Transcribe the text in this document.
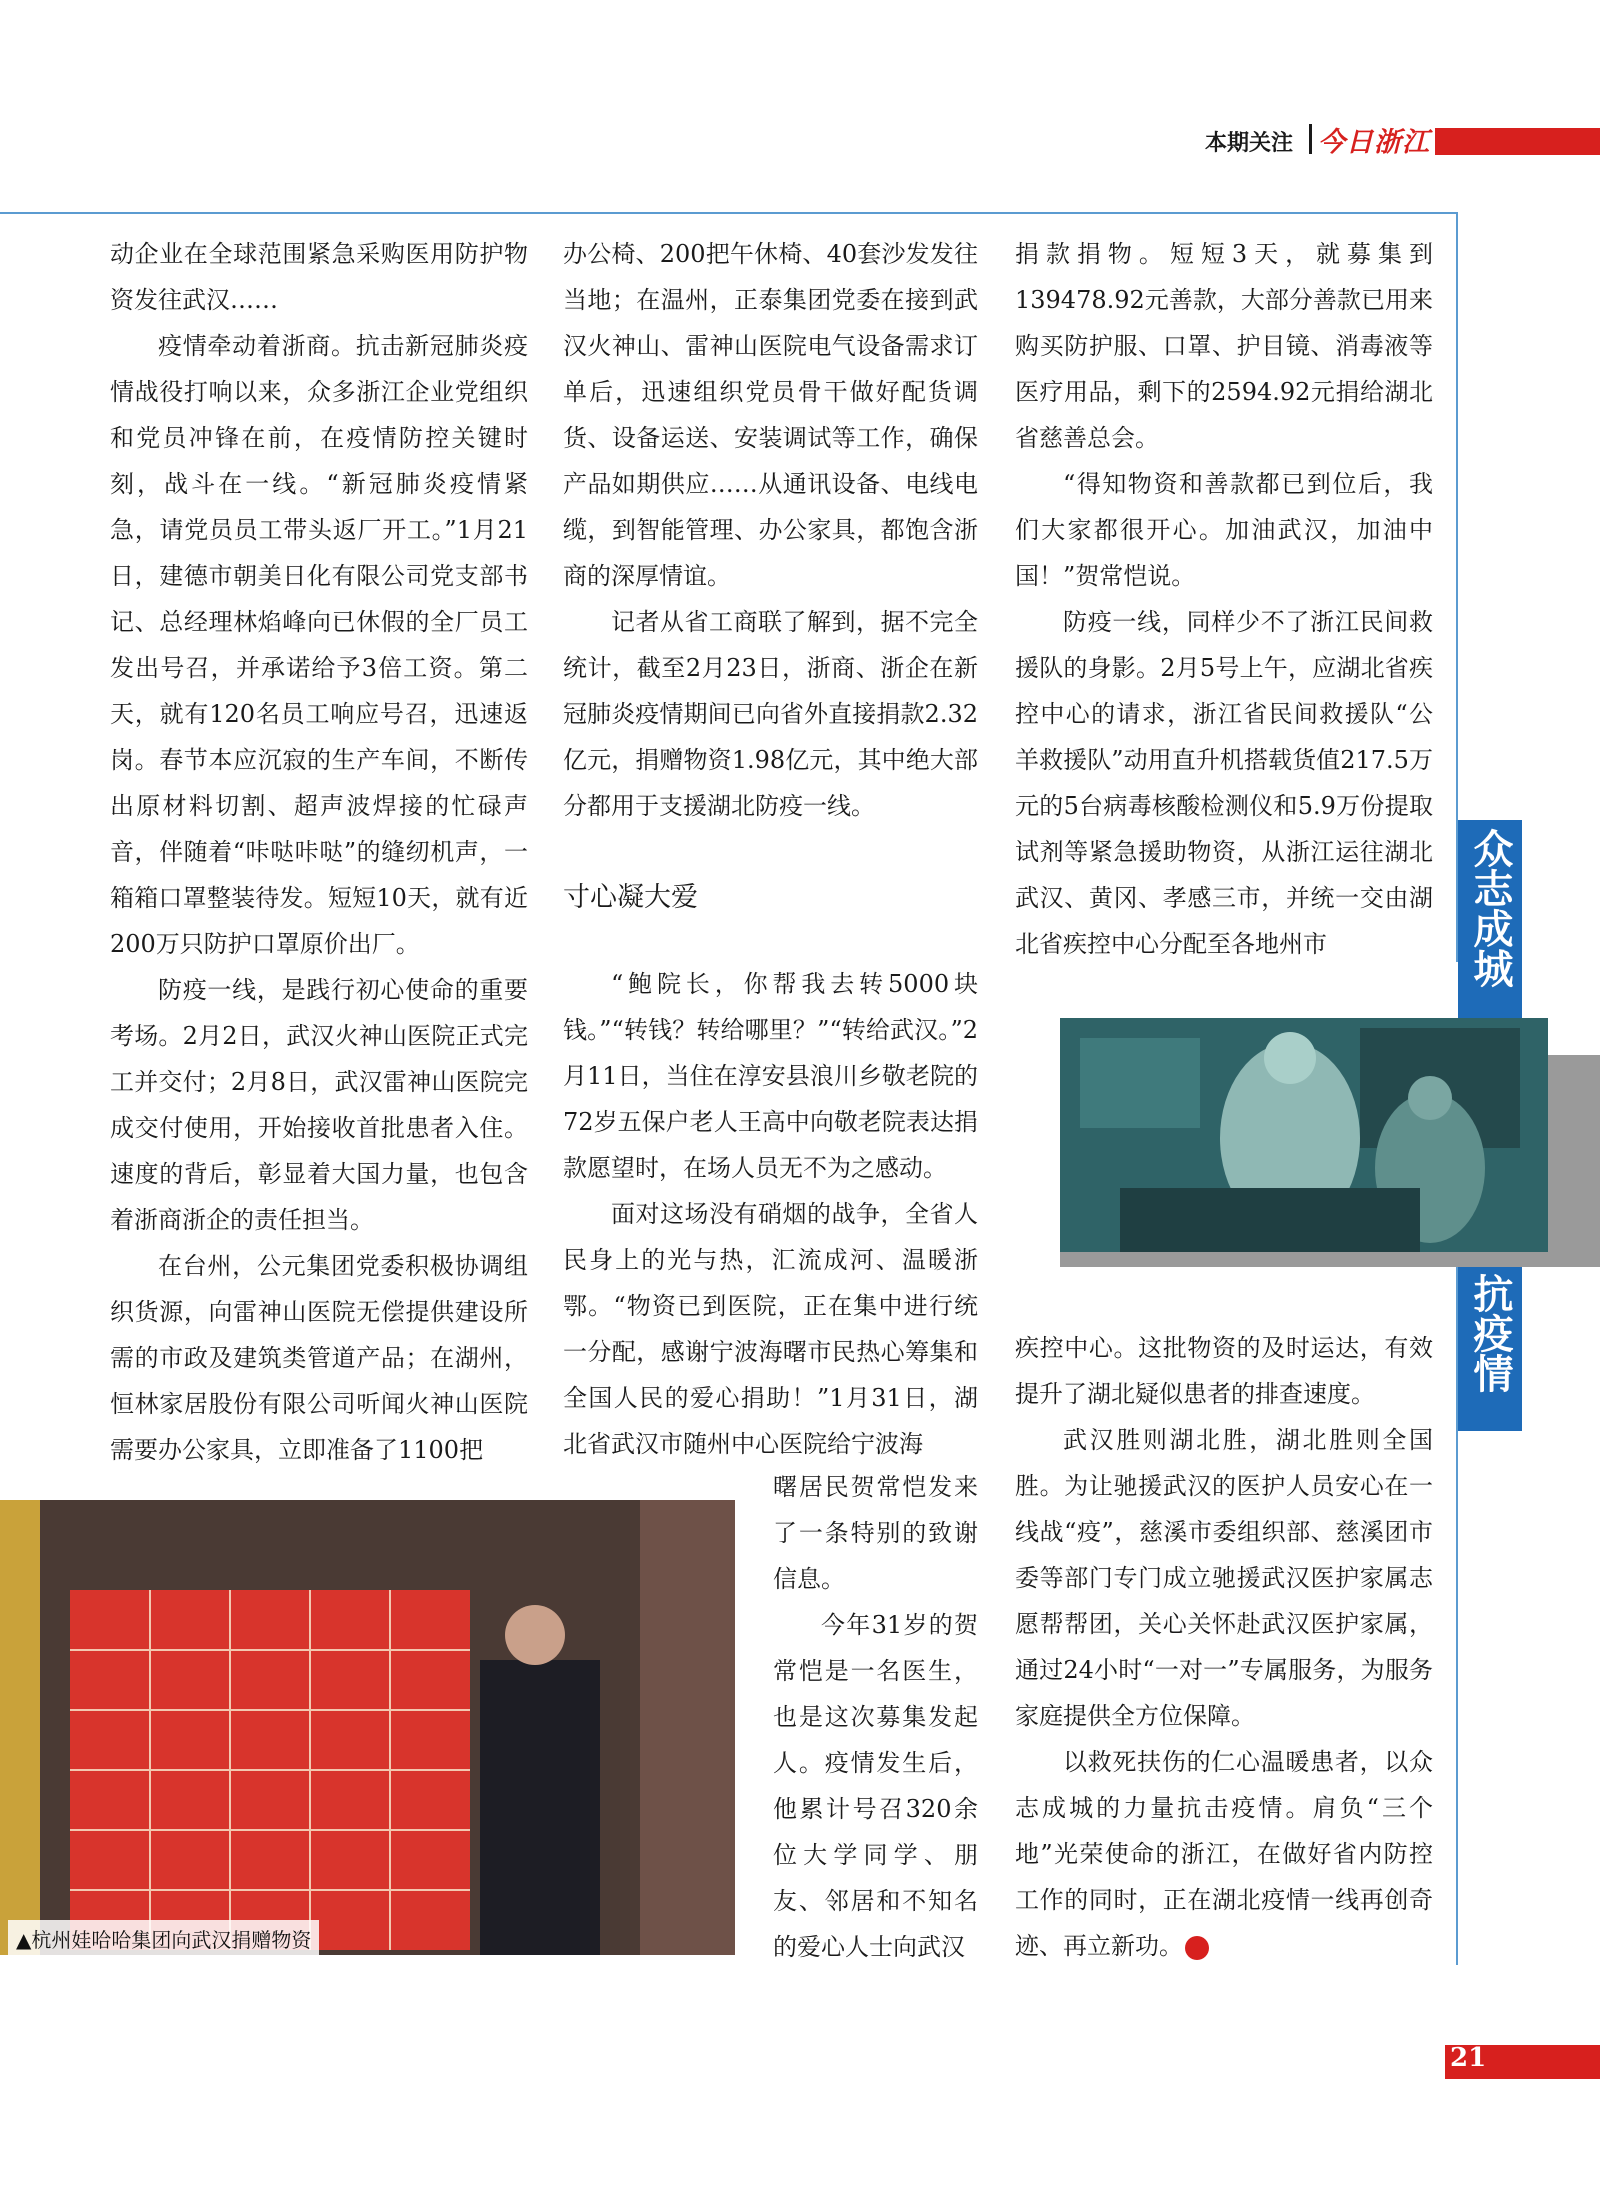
本期关注 今日浙江

动企业在全球范围紧急采购医用防护物资发往武汉……

疫情牵动着浙商。抗击新冠肺炎疫情战役打响以来，众多浙江企业党组织和党员冲锋在前，在疫情防控关键时刻，战斗在一线。“新冠肺炎疫情紧急，请党员员工带头返厂开工。”1月21日，建德市朝美日化有限公司党支部书记、总经理林焰峰向已休假的全厂员工发出号召，并承诺给予3倍工资。第二天，就有120名员工响应号召，迅速返岗。春节本应沉寂的生产车间，不断传出原材料切割、超声波焊接的忙碌声音，伴随着“咔哒咔哒”的缝纫机声，一箱箱口罩整装待发。短短10天，就有近200万只防护口罩原价出厂。

防疫一线，是践行初心使命的重要考场。2月2日，武汉火神山医院正式完工并交付；2月8日，武汉雷神山医院完成交付使用，开始接收首批患者入住。速度的背后，彰显着大国力量，也包含着浙商浙企的责任担当。

在台州，公元集团党委积极协调组织货源，向雷神山医院无偿提供建设所需的市政及建筑类管道产品；在湖州，恒林家居股份有限公司听闻火神山医院需要办公家具，立即准备了1100把

办公椅、200把午休椅、40套沙发发往当地；在温州，正泰集团党委在接到武汉火神山、雷神山医院电气设备需求订单后，迅速组织党员骨干做好配货调货、设备运送、安装调试等工作，确保产品如期供应……从通讯设备、电线电缆，到智能管理、办公家具，都饱含浙商的深厚情谊。

记者从省工商联了解到，据不完全统计，截至2月23日，浙商、浙企在新冠肺炎疫情期间已向省外直接捐款2.32亿元，捐赠物资1.98亿元，其中绝大部分都用于支援湖北防疫一线。

寸心凝大爱

“鲍院长，你帮我去转5000块钱。”“转钱？转给哪里？”“转给武汉。”2月11日，当住在淳安县浪川乡敬老院的72岁五保户老人王高中向敬老院表达捐款愿望时，在场人员无不为之感动。

面对这场没有硝烟的战争，全省人民身上的光与热，汇流成河、温暖浙鄂。“物资已到医院，正在集中进行统一分配，感谢宁波海曙市民热心筹集和全国人民的爱心捐助！”1月31日，湖北省武汉市随州中心医院给宁波海

曙居民贺常恺发来了一条特别的致谢信息。

今年31岁的贺常恺是一名医生，也是这次募集发起人。疫情发生后，他累计号召320余位大学同学、朋友、邻居和不知名的爱心人士向武汉

捐款捐物。短短3天，就募集到139478.92元善款，大部分善款已用来购买防护服、口罩、护目镜、消毒液等医疗用品，剩下的2594.92元捐给湖北省慈善总会。

“得知物资和善款都已到位后，我们大家都很开心。加油武汉，加油中国！”贺常恺说。

防疫一线，同样少不了浙江民间救援队的身影。2月5号上午，应湖北省疾控中心的请求，浙江省民间救援队“公羊救援队”动用直升机搭载货值217.5万元的5台病毒核酸检测仪和5.9万份提取试剂等紧急援助物资，从浙江运往湖北武汉、黄冈、孝感三市，并统一交由湖北省疾控中心分配至各地州市

疾控中心。这批物资的及时运达，有效提升了湖北疑似患者的排查速度。

武汉胜则湖北胜，湖北胜则全国胜。为让驰援武汉的医护人员安心在一线战“疫”，慈溪市委组织部、慈溪团市委等部门专门成立驰援武汉医护家属志愿帮帮团，关心关怀赴武汉医护家属，通过24小时“一对一”专属服务，为服务家庭提供全方位保障。

以救死扶伤的仁心温暖患者，以众志成城的力量抗击疫情。肩负“三个地”光荣使命的浙江，在做好省内防控工作的同时，正在湖北疫情一线再创奇迹、再立新功。	今

众志成城
抗疫情
▲杭州娃哈哈集团向武汉捐赠物资
21
